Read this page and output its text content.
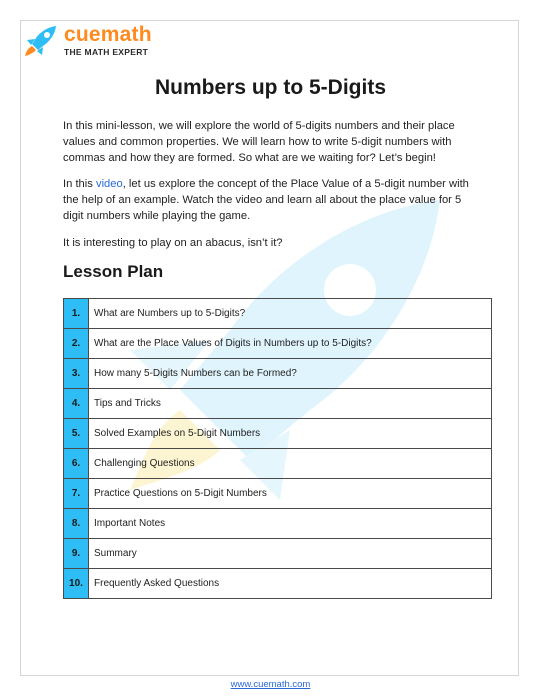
cuemath
THE MATH EXPERT
Numbers up to 5-Digits

In this mini-lesson, we will explore the world of 5-digits numbers and their place values and common properties. We will learn how to write 5-digit numbers with commas and how they are formed. So what are we waiting for? Let’s begin!

In this video, let us explore the concept of the Place Value of a 5-digit number with the help of an example. Watch the video and learn all about the place value for 5 digit numbers while playing the game.

It is interesting to play on an abacus, isn’t it?

Lesson Plan
1.	What are Numbers up to 5-Digits?
2.	What are the Place Values of Digits in Numbers up to 5-Digits?
3.	How many 5-Digits Numbers can be Formed?
4.	Tips and Tricks
5.	Solved Examples on 5-Digit Numbers
6.	Challenging Questions
7.	Practice Questions on 5-Digit Numbers
8.	Important Notes
9.	Summary
10.	Frequently Asked Questions
www.cuemath.com
